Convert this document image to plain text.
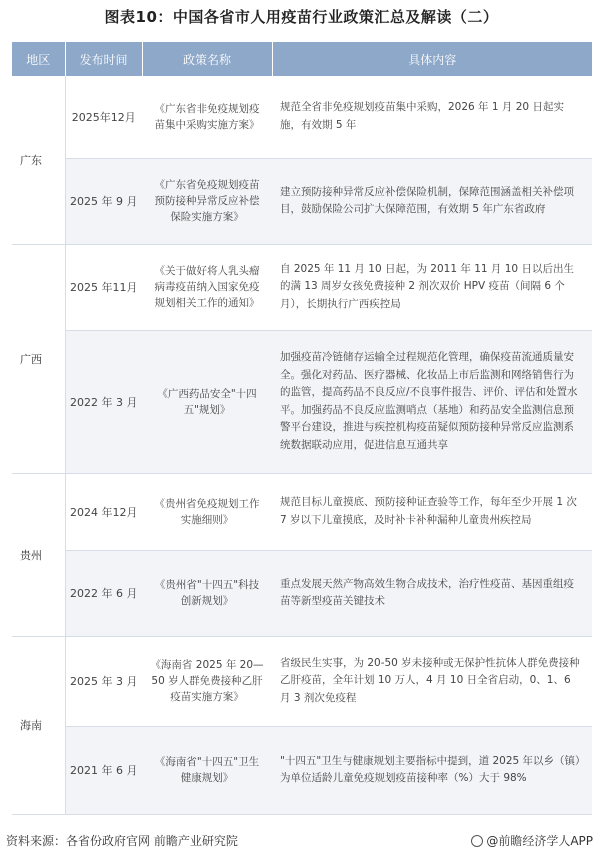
图表10：中国各省市人用疫苗行业政策汇总及解读（二）
地区	发布时间	政策名称	具体内容
广东	2025年12月	《广东省非免疫规划疫苗集中采购实施方案》	规范全省非免疫规划疫苗集中采购，2026 年 1 月 20 日起实施，有效期 5 年
	2025 年 9 月	《广东省免疫规划疫苗预防接种异常反应补偿保险实施方案》	建立预防接种异常反应补偿保险机制，保障范围涵盖相关补偿项目，鼓励保险公司扩大保障范围，有效期 5 年广东省政府
广西	2025 年11月	《关于做好将人乳头瘤病毒疫苗纳入国家免疫规划相关工作的通知》	自 2025 年 11 月 10 日起，为 2011 年 11 月 10 日以后出生的满 13 周岁女孩免费接种 2 剂次双价 HPV 疫苗（间隔 6 个月），长期执行广西疾控局
	2022 年 3 月	《广西药品安全"十四五"规划》	加强疫苗冷链储存运输全过程规范化管理，确保疫苗流通质量安全。强化对药品、医疗器械、化妆品上市后监测和网络销售行为的监管，提高药品不良反应/不良事件报告、评价、评估和处置水平。加强药品不良反应监测哨点（基地）和药品安全监测信息预警平台建设，推进与疾控机构疫苗疑似预防接种异常反应监测系统数据联动应用，促进信息互通共享
贵州	2024 年12月	《贵州省免疫规划工作实施细则》	规范目标儿童摸底、预防接种证查验等工作，每年至少开展 1 次 7 岁以下儿童摸底，及时补卡补种漏种儿童贵州疾控局
	2022 年 6 月	《贵州省"十四五"科技创新规划》	重点发展天然产物高效生物合成技术，治疗性疫苗、基因重组疫苗等新型疫苗关键技术
海南	2025 年 3 月	《海南省 2025 年 20—50 岁人群免费接种乙肝疫苗实施方案》	省级民生实事，为 20-50 岁未接种或无保护性抗体人群免费接种乙肝疫苗，全年计划 10 万人，4 月 10 日全省启动，0、1、6 月 3 剂次免疫程
	2021 年 6 月	《海南省"十四五"卫生健康规划》	"十四五"卫生与健康规划主要指标中提到，道 2025 年以乡（镇）为单位适龄儿童免疫规划疫苗接种率（%）大于 98%
资料来源：各省份政府官网 前瞻产业研究院	@前瞻经济学人APP
